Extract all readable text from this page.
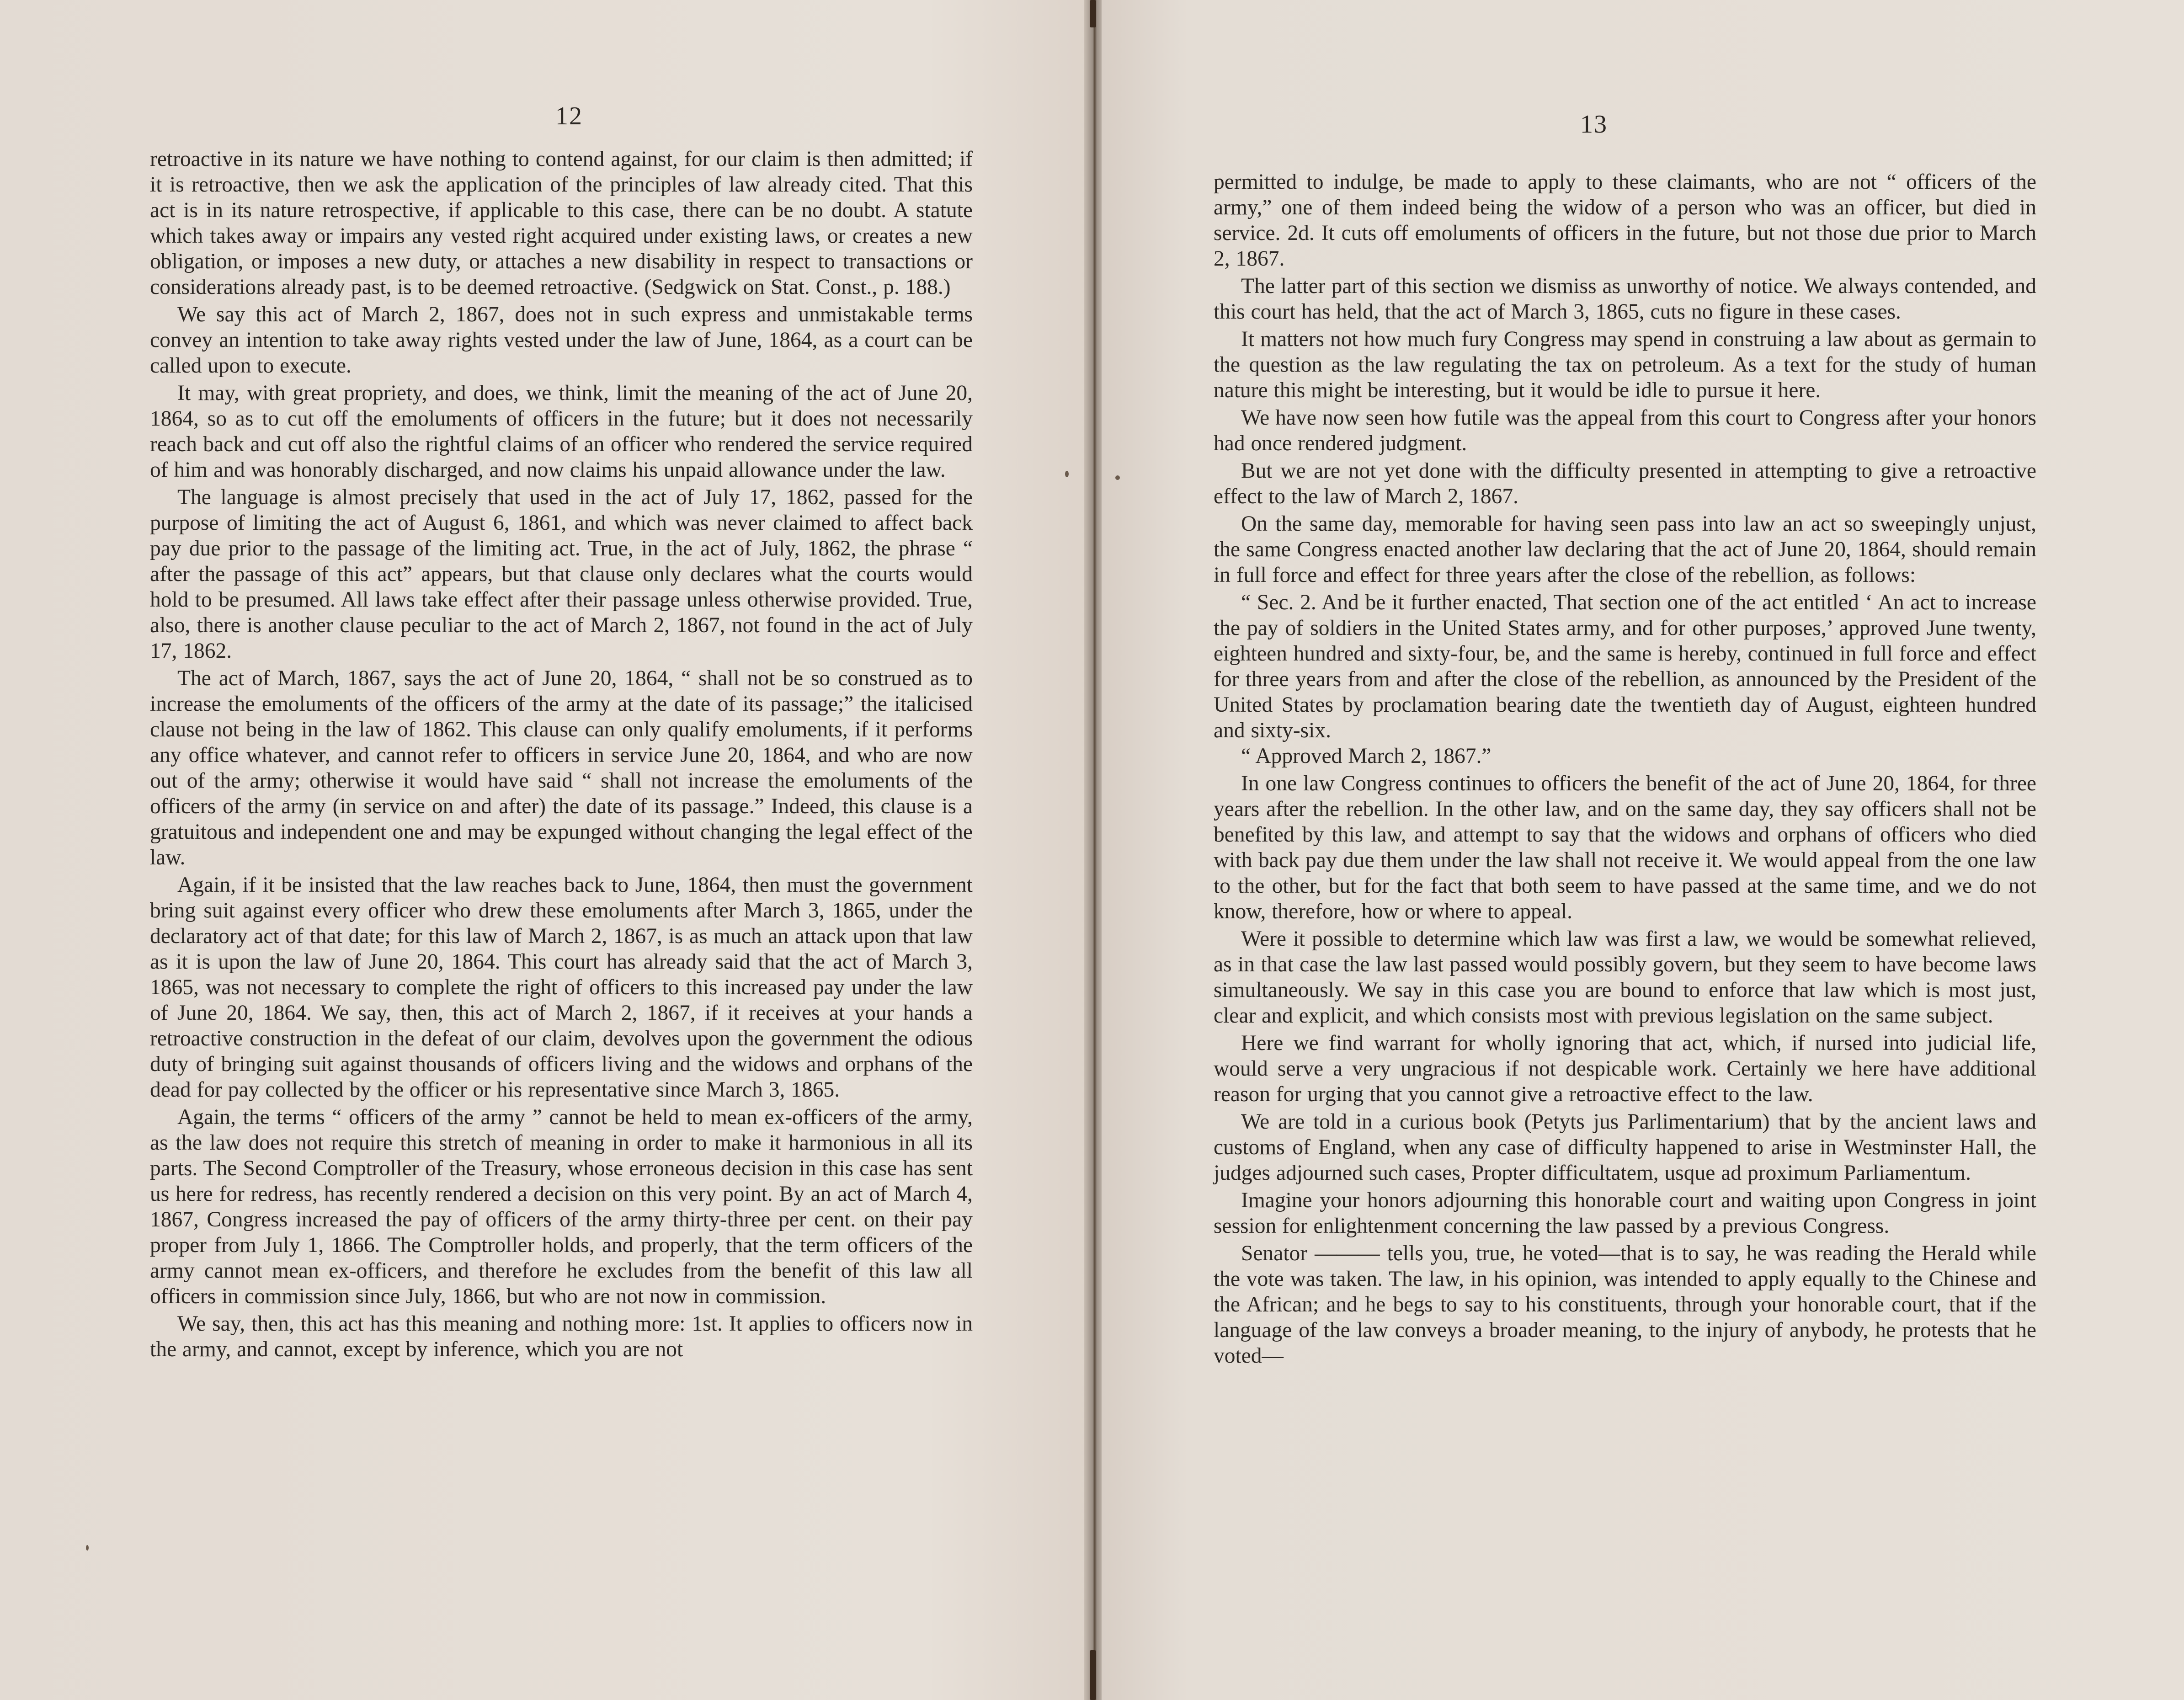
12

retroactive in its nature we have nothing to contend against, for our claim is then admitted; if it is retroactive, then we ask the application of the principles of law already cited. That this act is in its nature retrospective, if applicable to this case, there can be no doubt. A statute which takes away or impairs any vested right acquired under existing laws, or creates a new obligation, or imposes a new duty, or attaches a new disability in respect to transactions or considerations already past, is to be deemed retroactive. (Sedgwick on Stat. Const., p. 188.)

We say this act of March 2, 1867, does not in such express and unmistakable terms convey an intention to take away rights vested under the law of June, 1864, as a court can be called upon to execute.

It may, with great propriety, and does, we think, limit the meaning of the act of June 20, 1864, so as to cut off the emoluments of officers in the future; but it does not necessarily reach back and cut off also the rightful claims of an officer who rendered the service required of him and was honorably discharged, and now claims his unpaid allowance under the law.

The language is almost precisely that used in the act of July 17, 1862, passed for the purpose of limiting the act of August 6, 1861, and which was never claimed to affect back pay due prior to the passage of the limiting act. True, in the act of July, 1862, the phrase “ after the passage of this act” appears, but that clause only declares what the courts would hold to be presumed. All laws take effect after their passage unless otherwise provided. True, also, there is another clause peculiar to the act of March 2, 1867, not found in the act of July 17, 1862.

The act of March, 1867, says the act of June 20, 1864, “ shall not be so construed as to increase the emoluments of the officers of the army at the date of its passage;” the italicised clause not being in the law of 1862. This clause can only qualify emoluments, if it performs any office whatever, and cannot refer to officers in service June 20, 1864, and who are now out of the army; otherwise it would have said “ shall not increase the emoluments of the officers of the army (in service on and after) the date of its passage.” Indeed, this clause is a gratuitous and independent one and may be expunged without changing the legal effect of the law.

Again, if it be insisted that the law reaches back to June, 1864, then must the government bring suit against every officer who drew these emoluments after March 3, 1865, under the declaratory act of that date; for this law of March 2, 1867, is as much an attack upon that law as it is upon the law of June 20, 1864. This court has already said that the act of March 3, 1865, was not necessary to complete the right of officers to this increased pay under the law of June 20, 1864. We say, then, this act of March 2, 1867, if it receives at your hands a retroactive construction in the defeat of our claim, devolves upon the government the odious duty of bringing suit against thousands of officers living and the widows and orphans of the dead for pay collected by the officer or his representative since March 3, 1865.

Again, the terms “ officers of the army ” cannot be held to mean ex-officers of the army, as the law does not require this stretch of meaning in order to make it harmonious in all its parts. The Second Comptroller of the Treasury, whose erroneous decision in this case has sent us here for redress, has recently rendered a decision on this very point. By an act of March 4, 1867, Congress increased the pay of officers of the army thirty-three per cent. on their pay proper from July 1, 1866. The Comptroller holds, and properly, that the term officers of the army cannot mean ex-officers, and therefore he excludes from the benefit of this law all officers in commission since July, 1866, but who are not now in commission.

We say, then, this act has this meaning and nothing more: 1st. It applies to officers now in the army, and cannot, except by inference, which you are not

13

permitted to indulge, be made to apply to these claimants, who are not “ officers of the army,” one of them indeed being the widow of a person who was an officer, but died in service. 2d. It cuts off emoluments of officers in the future, but not those due prior to March 2, 1867.

The latter part of this section we dismiss as unworthy of notice. We always contended, and this court has held, that the act of March 3, 1865, cuts no figure in these cases.

It matters not how much fury Congress may spend in construing a law about as germain to the question as the law regulating the tax on petroleum. As a text for the study of human nature this might be interesting, but it would be idle to pursue it here.

We have now seen how futile was the appeal from this court to Congress after your honors had once rendered judgment.

But we are not yet done with the difficulty presented in attempting to give a retroactive effect to the law of March 2, 1867.

On the same day, memorable for having seen pass into law an act so sweepingly unjust, the same Congress enacted another law declaring that the act of June 20, 1864, should remain in full force and effect for three years after the close of the rebellion, as follows:

“ Sec. 2. And be it further enacted, That section one of the act entitled ‘ An act to increase the pay of soldiers in the United States army, and for other purposes,’ approved June twenty, eighteen hundred and sixty-four, be, and the same is hereby, continued in full force and effect for three years from and after the close of the rebellion, as announced by the President of the United States by proclamation bearing date the twentieth day of August, eighteen hundred and sixty-six.

“ Approved March 2, 1867.”

In one law Congress continues to officers the benefit of the act of June 20, 1864, for three years after the rebellion. In the other law, and on the same day, they say officers shall not be benefited by this law, and attempt to say that the widows and orphans of officers who died with back pay due them under the law shall not receive it. We would appeal from the one law to the other, but for the fact that both seem to have passed at the same time, and we do not know, therefore, how or where to appeal.

Were it possible to determine which law was first a law, we would be somewhat relieved, as in that case the law last passed would possibly govern, but they seem to have become laws simultaneously. We say in this case you are bound to enforce that law which is most just, clear and explicit, and which consists most with previous legislation on the same subject.

Here we find warrant for wholly ignoring that act, which, if nursed into judicial life, would serve a very ungracious if not despicable work. Certainly we here have additional reason for urging that you cannot give a retroactive effect to the law.

We are told in a curious book (Petyts jus Parlimentarium) that by the ancient laws and customs of England, when any case of difficulty happened to arise in Westminster Hall, the judges adjourned such cases, Propter difficultatem, usque ad proximum Parliamentum.

Imagine your honors adjourning this honorable court and waiting upon Congress in joint session for enlightenment concerning the law passed by a previous Congress.

Senator ——— tells you, true, he voted—that is to say, he was reading the Herald while the vote was taken. The law, in his opinion, was intended to apply equally to the Chinese and the African; and he begs to say to his constituents, through your honorable court, that if the language of the law conveys a broader meaning, to the injury of anybody, he protests that he voted—
